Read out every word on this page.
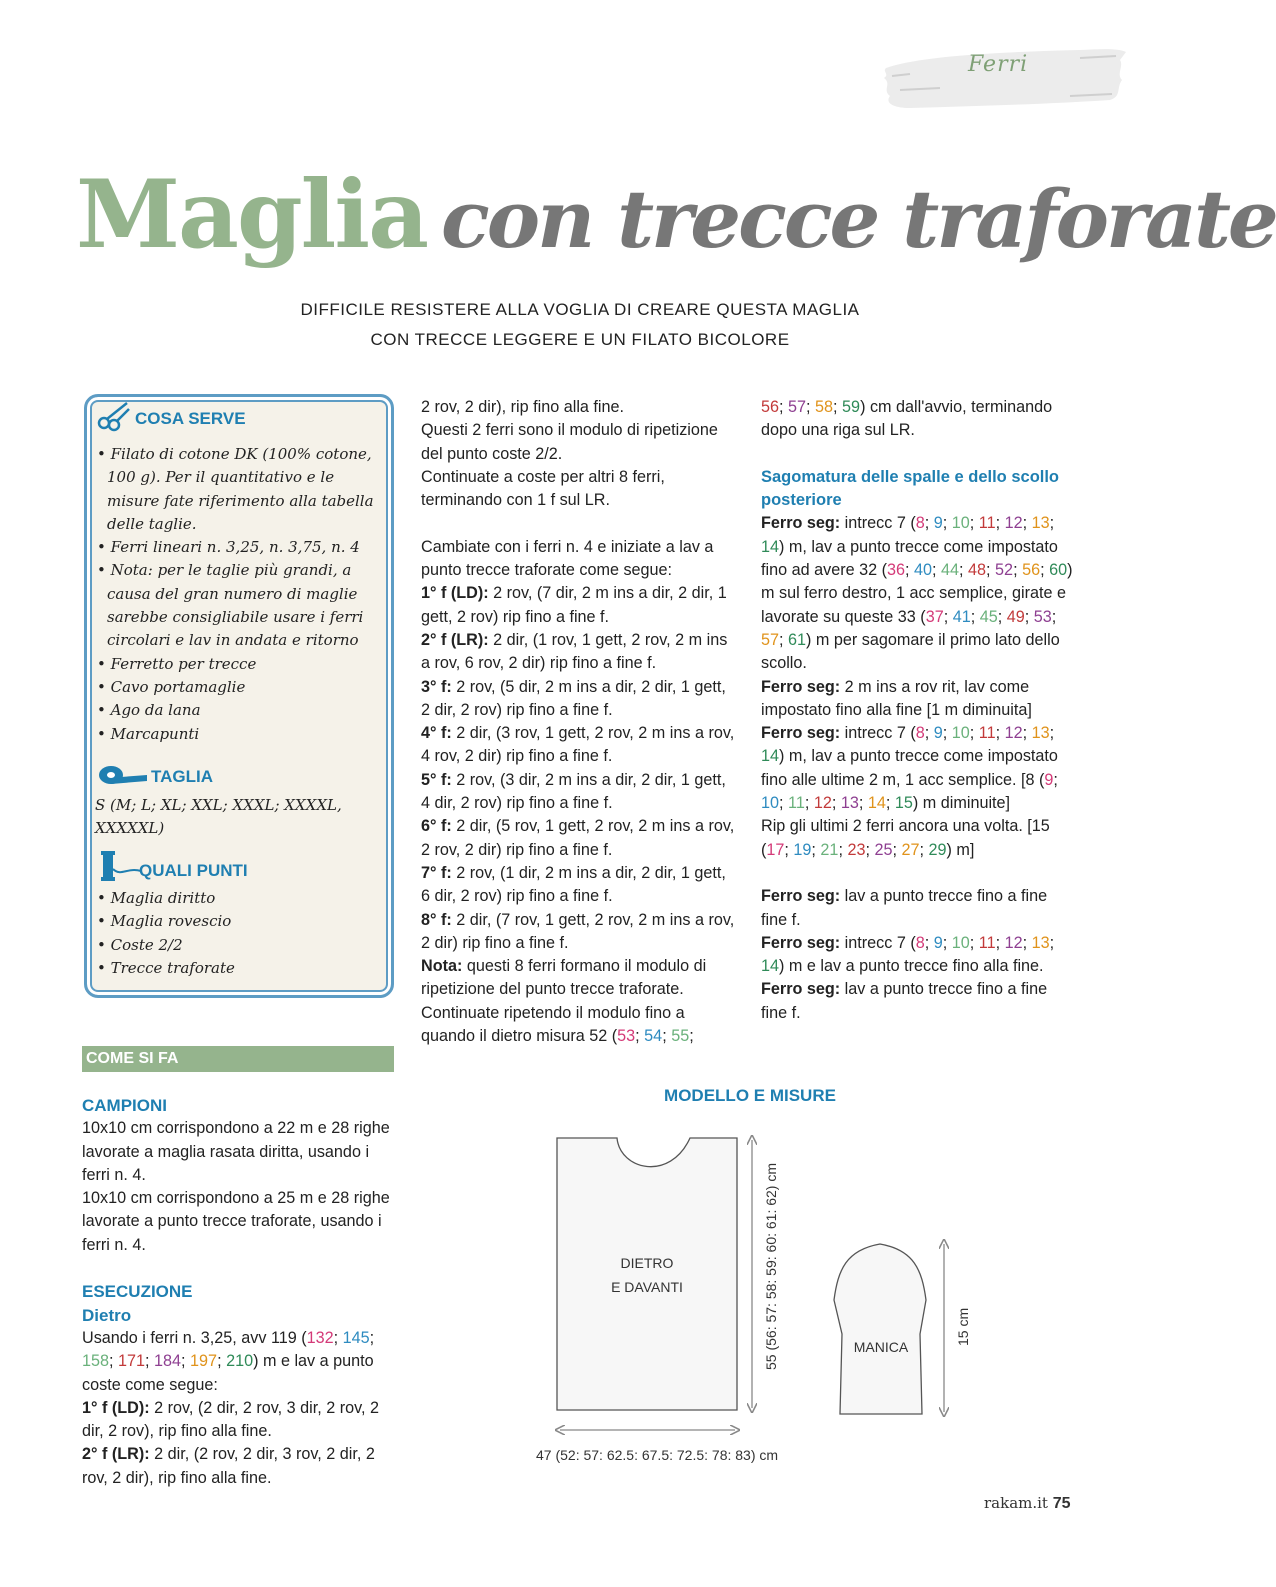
Ferri
Maglia con trecce traforate
DIFFICILE RESISTERE ALLA VOGLIA DI CREARE QUESTA MAGLIA
CON TRECCE LEGGERE E UN FILATO BICOLORE
COSA SERVE
• Filato di cotone DK (100% cotone, 100 g). Per il quantitativo e le misure fate riferimento alla tabella delle taglie.
• Ferri lineari n. 3,25, n. 3,75, n. 4
• Nota: per le taglie più grandi, a causa del gran numero di maglie sarebbe consigliabile usare i ferri circolari e lav in andata e ritorno
• Ferretto per trecce
• Cavo portamaglie
• Ago da lana
• Marcapunti
TAGLIA
S (M; L; XL; XXL; XXXL; XXXXL, XXXXXL)
QUALI PUNTI
• Maglia diritto
• Maglia rovescio
• Coste 2/2
• Trecce traforate
COME SI FA
CAMPIONI

10x10 cm corrispondono a 22 m e 28 righe lavorate a maglia rasata diritta, usando i ferri n. 4.

10x10 cm corrispondono a 25 m e 28 righe lavorate a punto trecce traforate, usando i ferri n. 4.

ESECUZIONE
Dietro

Usando i ferri n. 3,25, avv 119 (132; 145; 158; 171; 184; 197; 210) m e lav a punto coste come segue:

1° f (LD): 2 rov, (2 dir, 2 rov, 3 dir, 2 rov, 2 dir, 2 rov), rip fino alla fine.

2° f (LR): 2 dir, (2 rov, 2 dir, 3 rov, 2 dir, 2 rov, 2 dir), rip fino alla fine.

2 rov, 2 dir), rip fino alla fine.

Questi 2 ferri sono il modulo di ripetizione del punto coste 2/2.

Continuate a coste per altri 8 ferri, terminando con 1 f sul LR.

Cambiate con i ferri n. 4 e iniziate a lav a punto trecce traforate come segue:

1° f (LD): 2 rov, (7 dir, 2 m ins a dir, 2 dir, 1 gett, 2 rov) rip fino a fine f.

2° f (LR): 2 dir, (1 rov, 1 gett, 2 rov, 2 m ins a rov, 6 rov, 2 dir) rip fino a fine f.

3° f: 2 rov, (5 dir, 2 m ins a dir, 2 dir, 1 gett, 2 dir, 2 rov) rip fino a fine f.

4° f: 2 dir, (3 rov, 1 gett, 2 rov, 2 m ins a rov, 4 rov, 2 dir) rip fino a fine f.

5° f: 2 rov, (3 dir, 2 m ins a dir, 2 dir, 1 gett, 4 dir, 2 rov) rip fino a fine f.

6° f: 2 dir, (5 rov, 1 gett, 2 rov, 2 m ins a rov, 2 rov, 2 dir) rip fino a fine f.

7° f: 2 rov, (1 dir, 2 m ins a dir, 2 dir, 1 gett, 6 dir, 2 rov) rip fino a fine f.

8° f: 2 dir, (7 rov, 1 gett, 2 rov, 2 m ins a rov, 2 dir) rip fino a fine f.

Nota: questi 8 ferri formano il modulo di ripetizione del punto trecce traforate.

Continuate ripetendo il modulo fino a quando il dietro misura 52 (53; 54; 55;

56; 57; 58; 59) cm dall'avvio, terminando dopo una riga sul LR.

Sagomatura delle spalle e dello scollo posteriore

Ferro seg: intrecc 7 (8; 9; 10; 11; 12; 13; 14) m, lav a punto trecce come impostato fino ad avere 32 (36; 40; 44; 48; 52; 56; 60) m sul ferro destro, 1 acc semplice, girate e lavorate su queste 33 (37; 41; 45; 49; 53; 57; 61) m per sagomare il primo lato dello scollo.

Ferro seg: 2 m ins a rov rit, lav come impostato fino alla fine [1 m diminuita]

Ferro seg: intrecc 7 (8; 9; 10; 11; 12; 13; 14) m, lav a punto trecce come impostato fino alle ultime 2 m, 1 acc semplice. [8 (9; 10; 11; 12; 13; 14; 15) m diminuite]

Rip gli ultimi 2 ferri ancora una volta. [15 (17; 19; 21; 23; 25; 27; 29) m]

Ferro seg: lav a punto trecce fino a fine fine f.

Ferro seg: intrecc 7 (8; 9; 10; 11; 12; 13; 14) m e lav a punto trecce fino alla fine.

Ferro seg: lav a punto trecce fino a fine fine f.

MODELLO E MISURE
DIETRO
E DAVANTI	55 (56: 57: 58: 59: 60: 61: 62) cm
47 (52: 57: 62.5: 67.5: 72.5: 78: 83) cm
MANICA
15 cm
rakam.it 75
